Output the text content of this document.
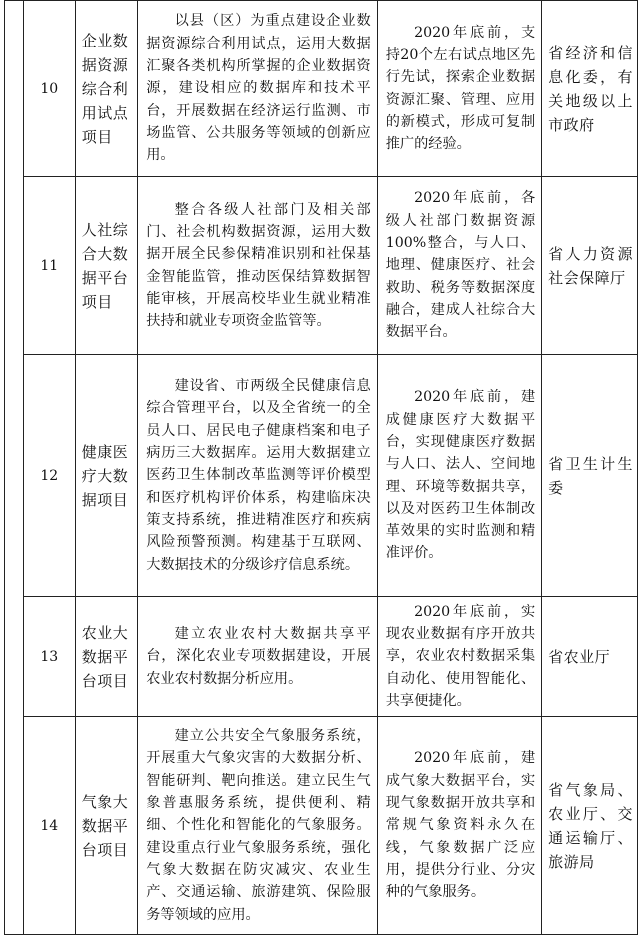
	10	企业数据资源综合利用试点项目	以县（区）为重点建设企业数据资源综合利用试点，运用大数据汇聚各类机构所掌握的企业数据资源，建设相应的数据库和技术平台，开展数据在经济运行监测、市场监管、公共服务等领域的创新应用。	2020年底前，支持20个左右试点地区先行先试，探索企业数据资源汇聚、管理、应用的新模式，形成可复制推广的经验。	省经济和信息化委，有关地级以上市政府
	11	人社综合大数据平台项目	整合各级人社部门及相关部门、社会机构数据资源，运用大数据开展全民参保精准识别和社保基金智能监管，推动医保结算数据智能审核，开展高校毕业生就业精准扶持和就业专项资金监管等。	2020年底前，各级人社部门数据资源100%整合，与人口、地理、健康医疗、社会救助、税务等数据深度融合，建成人社综合大数据平台。	省人力资源社会保障厅
	12	健康医疗大数据项目	建设省、市两级全民健康信息综合管理平台，以及全省统一的全员人口、居民电子健康档案和电子病历三大数据库。运用大数据建立医药卫生体制改革监测等评价模型和医疗机构评价体系，构建临床决策支持系统，推进精准医疗和疾病风险预警预测。构建基于互联网、大数据技术的分级诊疗信息系统。	2020年底前，建成健康医疗大数据平台，实现健康医疗数据与人口、法人、空间地理、环境等数据共享，以及对医药卫生体制改革效果的实时监测和精准评价。	省卫生计生委
	13	农业大数据平台项目	建立农业农村大数据共享平台，深化农业专项数据建设，开展农业农村数据分析应用。	2020年底前，实现农业数据有序开放共享，农业农村数据采集自动化、使用智能化、共享便捷化。	省农业厅
	14	气象大数据平台项目	建立公共安全气象服务系统，开展重大气象灾害的大数据分析、智能研判、靶向推送。建立民生气象普惠服务系统，提供便利、精细、个性化和智能化的气象服务。建设重点行业气象服务系统，强化气象大数据在防灾减灾、农业生产、交通运输、旅游建筑、保险服务等领域的应用。	2020年底前，建成气象大数据平台，实现气象数据开放共享和常规气象资料永久在线，气象数据广泛应用，提供分行业、分灾种的气象服务。	省气象局、农业厅、交通运输厅、旅游局
